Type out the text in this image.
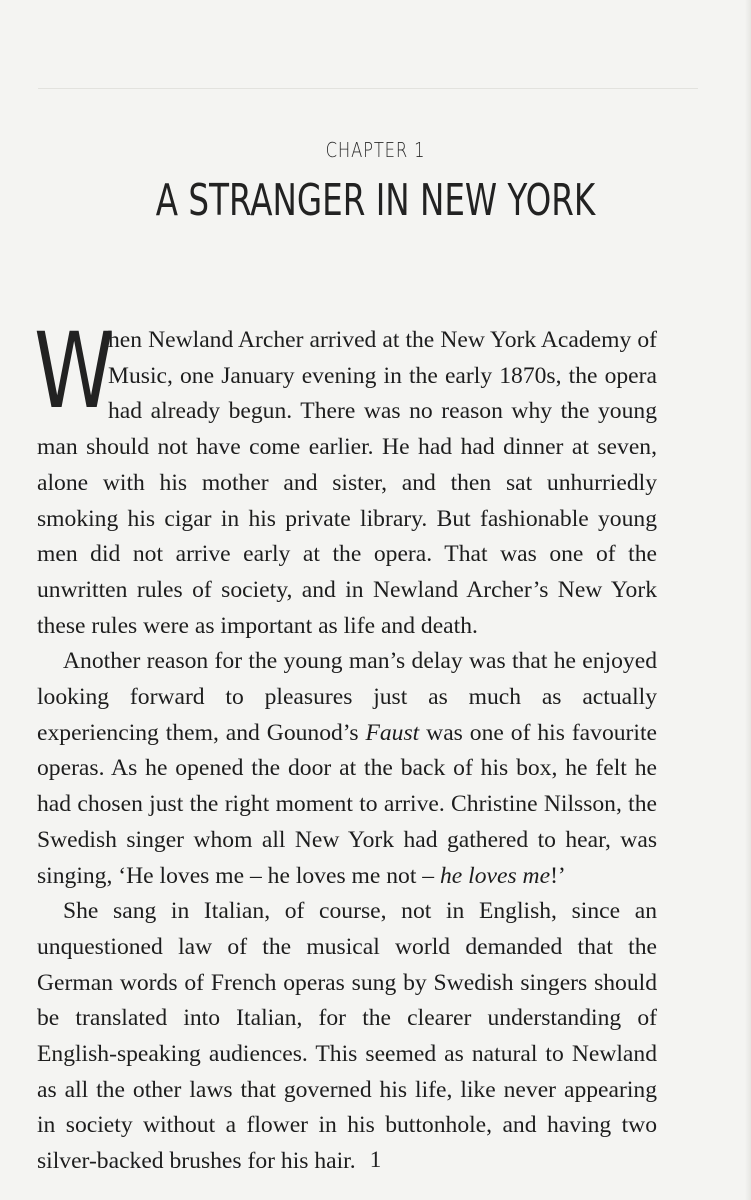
CHAPTER 1
A STRANGER IN NEW YORK

W
hen Newland Archer arrived at the New York Academy of Music, one January evening in the early 1870s, the opera had already begun. There was no reason why the young man should not have come earlier. He had had dinner at seven, alone with his mother and sister, and then sat unhurriedly smoking his cigar in his private library. But fashionable young men did not arrive early at the opera. That was one of the unwritten rules of society, and in Newland Archer’s New York these rules were as important as life and death.

Another reason for the young man’s delay was that he enjoyed looking forward to pleasures just as much as actually experiencing them, and Gounod’s Faust was one of his favourite operas. As he opened the door at the back of his box, he felt he had chosen just the right moment to arrive. Christine Nilsson, the Swedish singer whom all New York had gathered to hear, was singing, ‘He loves me – he loves me not – he loves me!’

She sang in Italian, of course, not in English, since an unquestioned law of the musical world demanded that the German words of French operas sung by Swedish singers should be translated into Italian, for the clearer understanding of English-speaking audiences. This seemed as natural to Newland as all the other laws that governed his life, like never appearing in society without a flower in his buttonhole, and having two silver-backed brushes for his hair. 1
